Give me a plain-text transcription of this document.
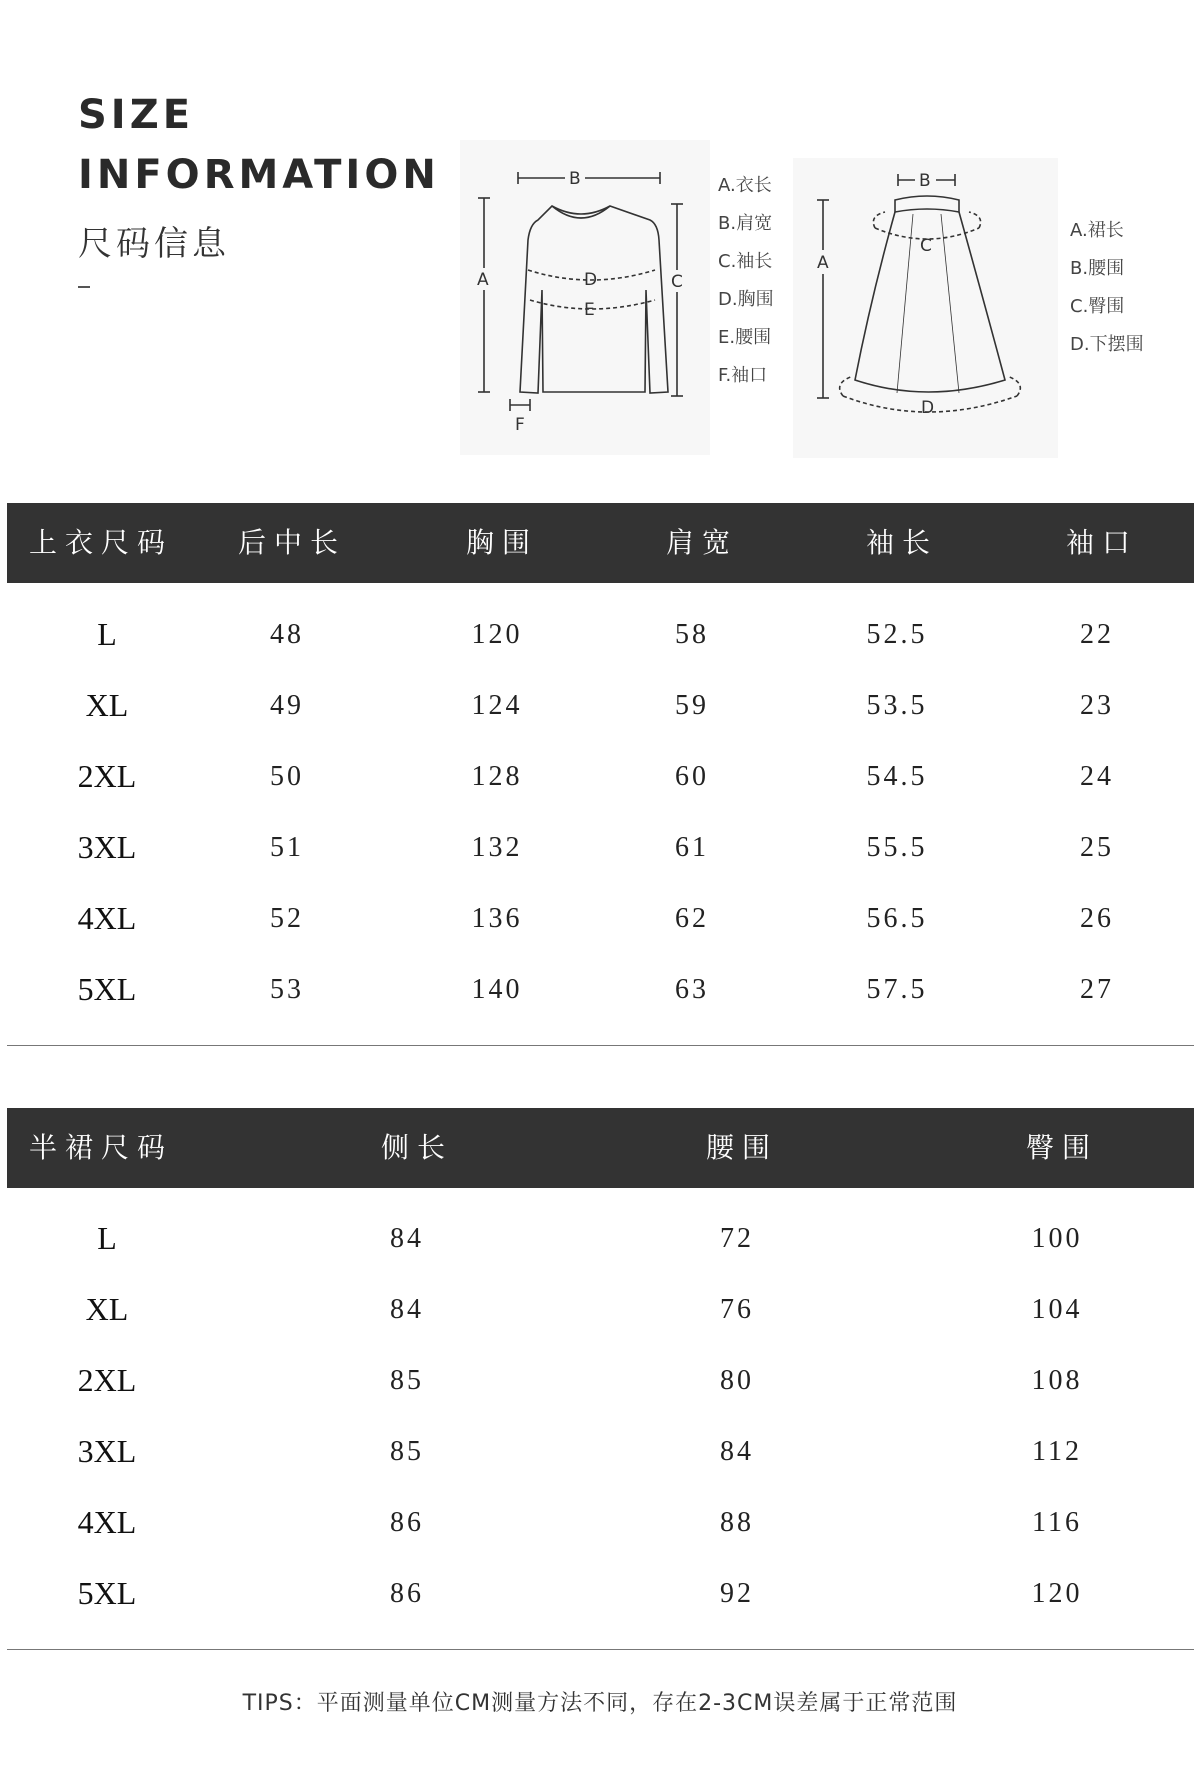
SIZE
INFORMATION
尺码信息
B
A	C
D
E
F
A.衣长
B.肩宽
C.袖长
D.胸围
E.腰围
F.袖口
B
C
A
D
A.裙长
B.腰围
C.臀围
D.下摆围
上衣尺码	后中长	胸围	肩宽	袖长	袖口
L	48	120	58	52.5	22
XL	49	124	59	53.5	23
2XL	50	128	60	54.5	24
3XL	51	132	61	55.5	25
4XL	52	136	62	56.5	26
5XL	53	140	63	57.5	27
半裙尺码	侧长	腰围	臀围
L	84	72	100
XL	84	76	104
2XL	85	80	108
3XL	85	84	112
4XL	86	88	116
5XL	86	92	120
TIPS：平面测量单位CM测量方法不同，存在2-3CM误差属于正常范围
